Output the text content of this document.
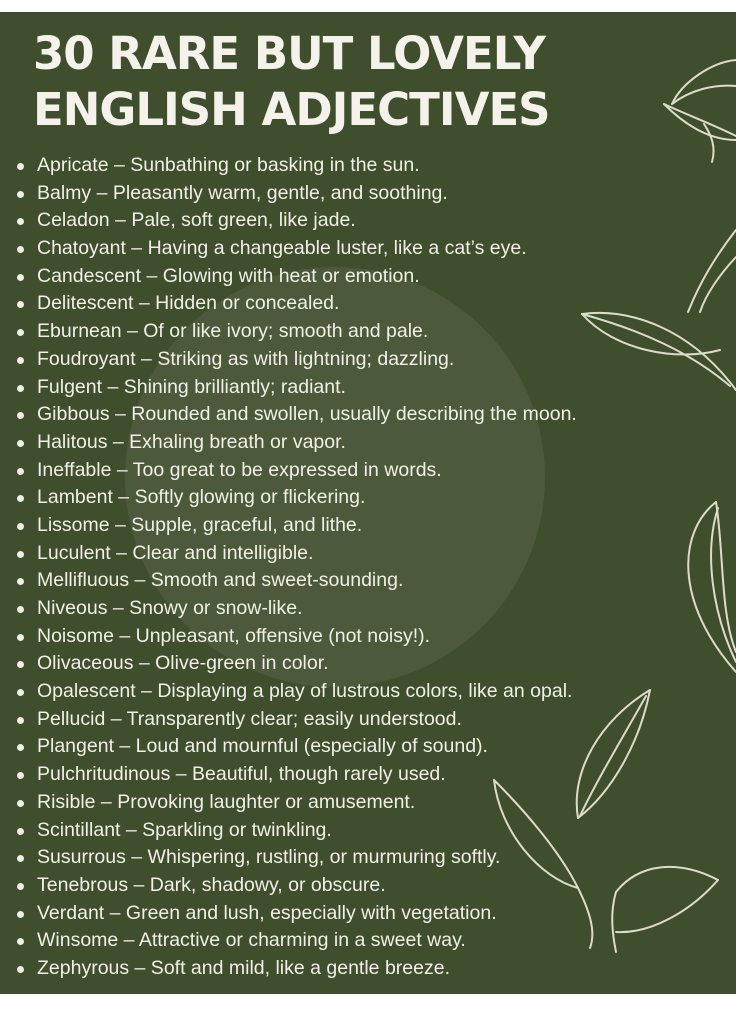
30 RARE BUT LOVELY
ENGLISH ADJECTIVES
Apricate – Sunbathing or basking in the sun.
Balmy – Pleasantly warm, gentle, and soothing.
Celadon – Pale, soft green, like jade.
Chatoyant – Having a changeable luster, like a cat’s eye.
Candescent – Glowing with heat or emotion.
Delitescent – Hidden or concealed.
Eburnean – Of or like ivory; smooth and pale.
Foudroyant – Striking as with lightning; dazzling.
Fulgent – Shining brilliantly; radiant.
Gibbous – Rounded and swollen, usually describing the moon.
Halitous – Exhaling breath or vapor.
Ineffable – Too great to be expressed in words.
Lambent – Softly glowing or flickering.
Lissome – Supple, graceful, and lithe.
Luculent – Clear and intelligible.
Mellifluous – Smooth and sweet-sounding.
Niveous – Snowy or snow-like.
Noisome – Unpleasant, offensive (not noisy!).
Olivaceous – Olive-green in color.
Opalescent – Displaying a play of lustrous colors, like an opal.
Pellucid – Transparently clear; easily understood.
Plangent – Loud and mournful (especially of sound).
Pulchritudinous – Beautiful, though rarely used.
Risible – Provoking laughter or amusement.
Scintillant – Sparkling or twinkling.
Susurrous – Whispering, rustling, or murmuring softly.
Tenebrous – Dark, shadowy, or obscure.
Verdant – Green and lush, especially with vegetation.
Winsome – Attractive or charming in a sweet way.
Zephyrous – Soft and mild, like a gentle breeze.
